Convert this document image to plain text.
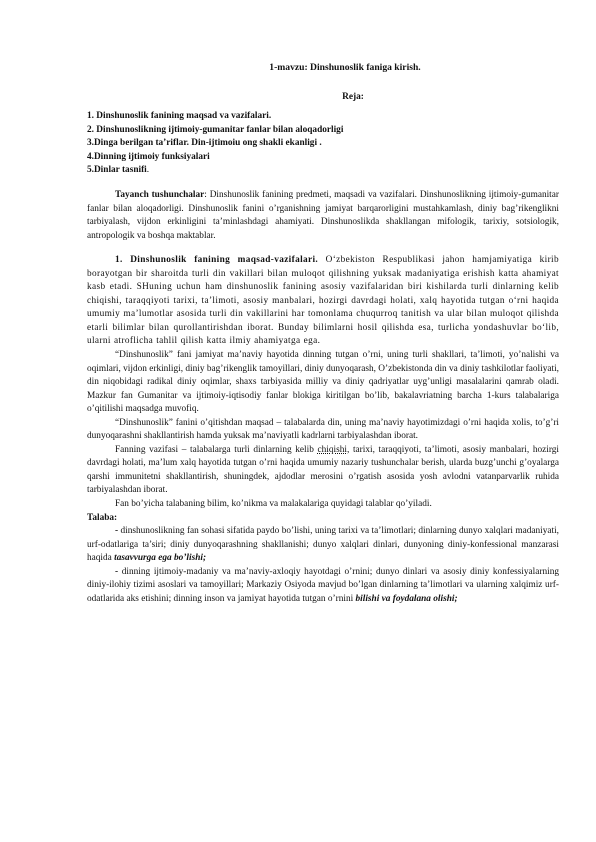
1-mavzu: Dinshunoslik faniga kirish.
Reja:
1. Dinshunoslik fanining maqsad va vazifalari.
2. Dinshunoslikning ijtimoiy-gumanitar fanlar bilan aloqadorligi
3.Dinga berilgan ta’riflar. Din-ijtimoiu ong shakli ekanligi .
4.Dinning ijtimoiy funksiyalari
5.Dinlar tasnifi.

Tayanch tushunchalar: Dinshunoslik fanining predmeti, maqsadi va vazifalari. Dinshunoslikning ijtimoiy-gumanitar fanlar bilan aloqadorligi. Dinshunoslik fanini o’rganishning jamiyat barqarorligini mustahkamlash, diniy bag’rikenglikni tarbiyalash, vijdon erkinligini ta’minlashdagi ahamiyati. Dinshunoslikda shakllangan mifologik, tarixiy, sotsiologik, antropologik va boshqa maktablar.

1. Dinshunoslik fanining maqsad-vazifalari. O‘zbekiston Respublikasi jahon hamjamiyatiga kirib borayotgan bir sharoitda turli din vakillari bilan muloqot qilishning yuksak madaniyatiga erishish katta ahamiyat kasb etadi. SHuning uchun ham dinshunoslik fanining asosiy vazifalaridan biri kishilarda turli dinlarning kelib chiqishi, taraqqiyoti tarixi, ta’limoti, asosiy manbalari, hozirgi davrdagi holati, xalq hayotida tutgan o‘rni haqida umumiy ma’lumotlar asosida turli din vakillarini har tomonlama chuqurroq tanitish va ular bilan muloqot qilishda etarli bilimlar bilan qurollantirishdan iborat. Bunday bilimlarni hosil qilishda esa, turlicha yondashuvlar bo‘lib, ularni atroflicha tahlil qilish katta ilmiy ahamiyatga ega.

“Dinshunoslik” fani jamiyat ma’naviy hayotida dinning tutgan o’rni, uning turli shakllari, ta’limoti, yo’nalishi va oqimlari, vijdon erkinligi, diniy bag’rikenglik tamoyillari, diniy dunyoqarash, O’zbekistonda din va diniy tashkilotlar faoliyati, din niqobidagi radikal diniy oqimlar, shaxs tarbiyasida milliy va diniy qadriyatlar uyg’unligi masalalarini qamrab oladi. Mazkur fan Gumanitar va ijtimoiy-iqtisodiy fanlar blokiga kiritilgan bo’lib, bakalavriatning barcha 1-kurs talabalariga o’qitilishi maqsadga muvofiq.

“Dinshunoslik” fanini o’qitishdan maqsad – talabalarda din, uning ma’naviy hayotimizdagi o’rni haqida xolis, to’g’ri dunyoqarashni shakllantirish hamda yuksak ma’naviyatli kadrlarni tarbiyalashdan iborat.

Fanning vazifasi – talabalarga turli dinlarning kelib chiqishi, tarixi, taraqqiyoti, ta’limoti, asosiy manbalari, hozirgi davrdagi holati, ma’lum xalq hayotida tutgan o’rni haqida umumiy nazariy tushunchalar berish, ularda buzg’unchi g’oyalarga qarshi immunitetni shakllantirish, shuningdek, ajdodlar merosini o’rgatish asosida yosh avlodni vatanparvarlik ruhida tarbiyalashdan iborat.

Fan bo’yicha talabaning bilim, ko’nikma va malakalariga quyidagi talablar qo’yiladi.

Talaba:

- dinshunoslikning fan sohasi sifatida paydo bo’lishi, uning tarixi va ta’limotlari; dinlarning dunyo xalqlari madaniyati, urf-odatlariga ta’siri; diniy dunyoqarashning shakllanishi; dunyo xalqlari dinlari, dunyoning diniy-konfessional manzarasi haqida tasavvurga ega bo’lishi;

- dinning ijtimoiy-madaniy va ma’naviy-axloqiy hayotdagi o’rnini; dunyo dinlari va asosiy diniy konfessiyalarning diniy-ilohiy tizimi asoslari va tamoyillari; Markaziy Osiyoda mavjud bo’lgan dinlarning ta’limotlari va ularning xalqimiz urf-odatlarida aks etishini; dinning inson va jamiyat hayotida tutgan o’rnini bilishi va foydalana olishi;
